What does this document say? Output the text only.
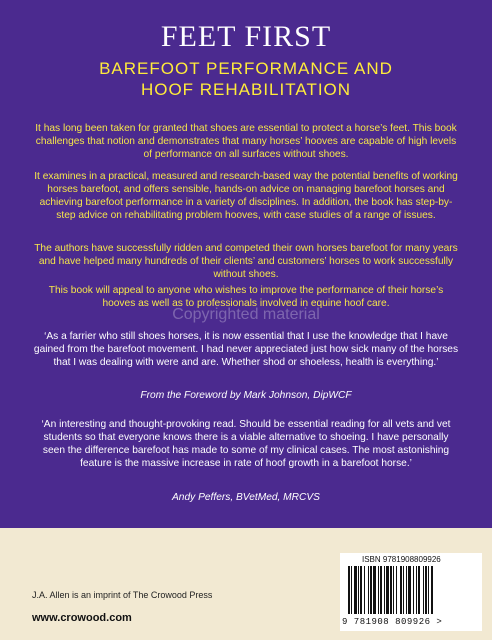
FEET FIRST
BAREFOOT PERFORMANCE AND
HOOF REHABILITATION
It has long been taken for granted that shoes are essential to protect a horse’s feet. This book challenges that notion and demonstrates that many horses’ hooves are capable of high levels of performance on all surfaces without shoes.
It examines in a practical, measured and research-based way the potential benefits of working horses barefoot, and offers sensible, hands-on advice on managing barefoot horses and achieving barefoot performance in a variety of disciplines. In addition, the book has step-by-step advice on rehabilitating problem hooves, with case studies of a range of issues.
The authors have successfully ridden and competed their own horses barefoot for many years and have helped many hundreds of their clients’ and customers’ horses to work successfully without shoes.
This book will appeal to anyone who wishes to improve the performance of their horse’s hooves as well as to professionals involved in equine hoof care.
Copyrighted material
‘As a farrier who still shoes horses, it is now essential that I use the knowledge that I have gained from the barefoot movement. I had never appreciated just how sick many of the horses that I was dealing with were and are. Whether shod or shoeless, health is everything.’
From the Foreword by Mark Johnson, DipWCF
‘An interesting and thought-provoking read. Should be essential reading for all vets and vet students so that everyone knows there is a viable alternative to shoeing. I have personally seen the difference barefoot has made to some of my clinical cases. The most astonishing feature is the massive increase in rate of hoof growth in a barefoot horse.’
Andy Peffers, BVetMed, MRCVS
J.A. Allen is an imprint of The Crowood Press
www.crowood.com
ISBN 9781908809926
9 781908 809926 >
